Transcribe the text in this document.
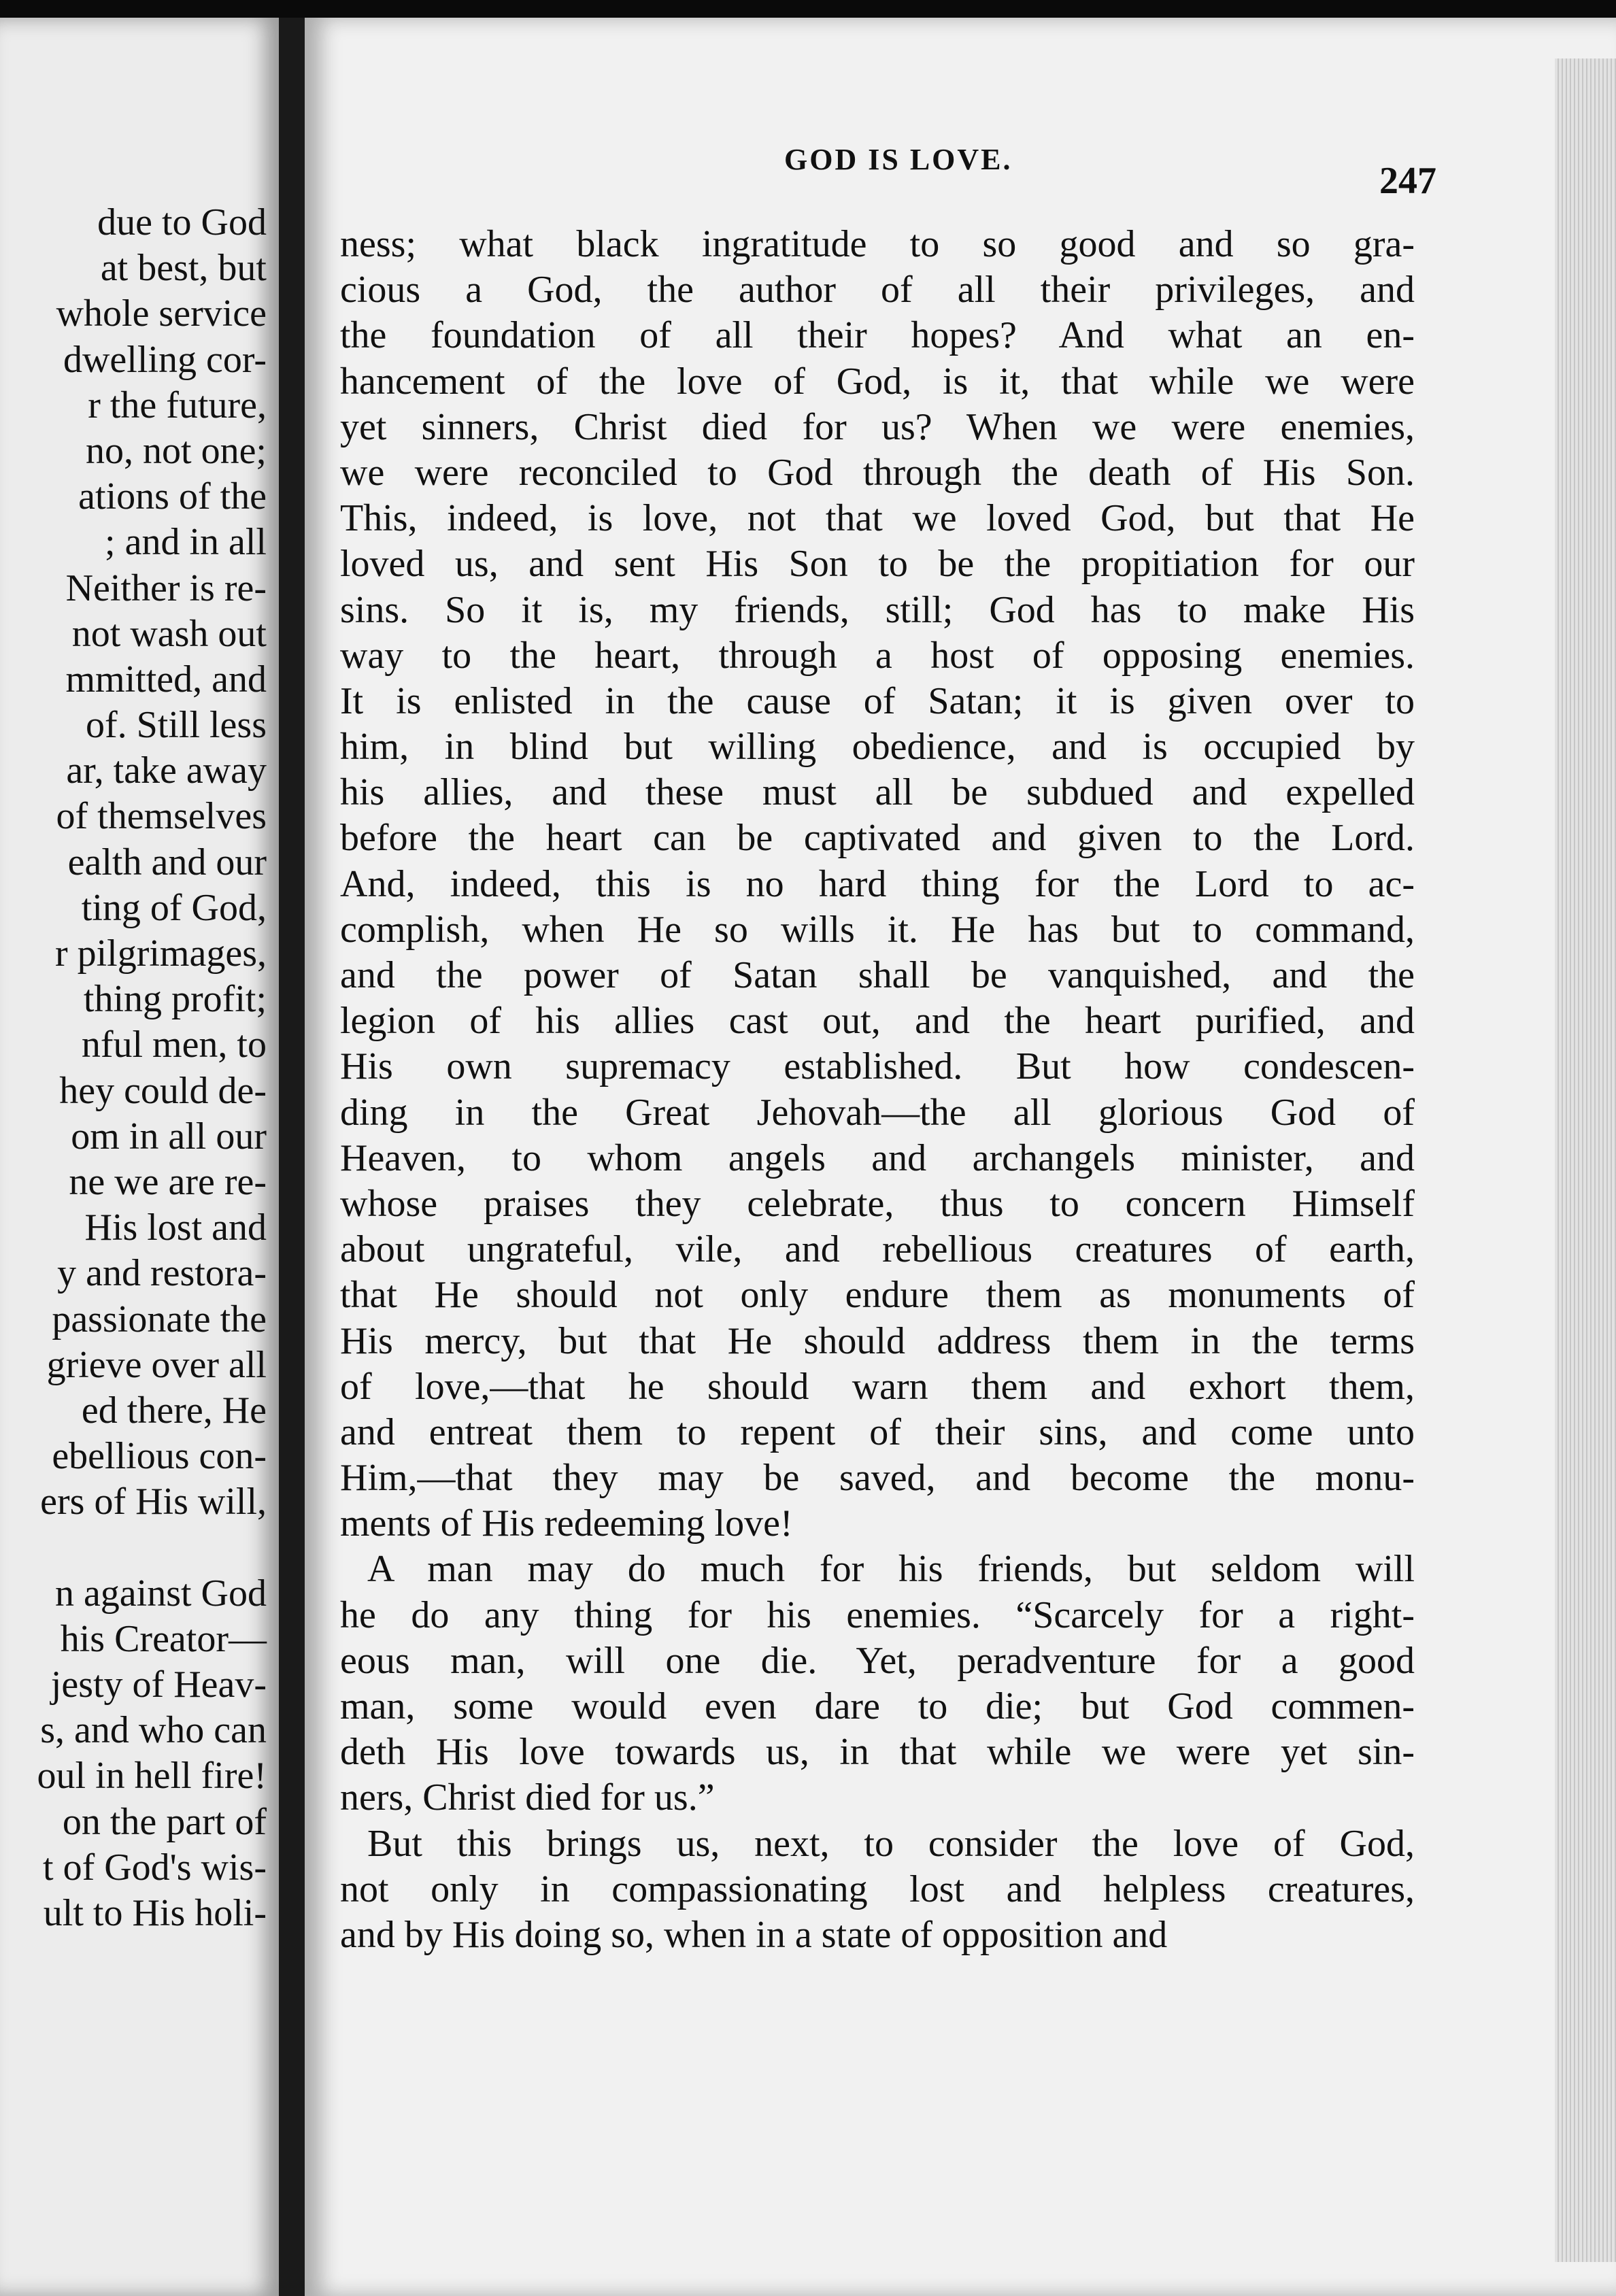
due to God
at best, but
whole service
dwelling cor-
r the future,
no, not one;
ations of the
; and in all
Neither is re-
not wash out
mmitted, and
of. Still less
ar, take away
of themselves
ealth and our
ting of God,
r pilgrimages,
thing profit;
nful men, to
hey could de-
om in all our
ne we are re-
His lost and
y and restora-
passionate the
grieve over all
ed there, He
ebellious con-
ers of His will,
n against God
his Creator—
jesty of Heav-
s, and who can
oul in hell fire!
on the part of
t of God's wis-
ult to His holi-
GOD IS LOVE.
247
ness; what black ingratitude to so good and so gra-
cious a God, the author of all their privileges, and
the foundation of all their hopes? And what an en-
hancement of the love of God, is it, that while we were
yet sinners, Christ died for us? When we were enemies,
we were reconciled to God through the death of His Son.
This, indeed, is love, not that we loved God, but that He
loved us, and sent His Son to be the propitiation for our
sins. So it is, my friends, still; God has to make His
way to the heart, through a host of opposing enemies.
It is enlisted in the cause of Satan; it is given over to
him, in blind but willing obedience, and is occupied by
his allies, and these must all be subdued and expelled
before the heart can be captivated and given to the Lord.
And, indeed, this is no hard thing for the Lord to ac-
complish, when He so wills it. He has but to command,
and the power of Satan shall be vanquished, and the
legion of his allies cast out, and the heart purified, and
His own supremacy established. But how condescen-
ding in the Great Jehovah—the all glorious God of
Heaven, to whom angels and archangels minister, and
whose praises they celebrate, thus to concern Himself
about ungrateful, vile, and rebellious creatures of earth,
that He should not only endure them as monuments of
His mercy, but that He should address them in the terms
of love,—that he should warn them and exhort them,
and entreat them to repent of their sins, and come unto
Him,—that they may be saved, and become the monu-
ments of His redeeming love!
A man may do much for his friends, but seldom will
he do any thing for his enemies. “Scarcely for a right-
eous man, will one die. Yet, peradventure for a good
man, some would even dare to die; but God commen-
deth His love towards us, in that while we were yet sin-
ners, Christ died for us.”
But this brings us, next, to consider the love of God,
not only in compassionating lost and helpless creatures,
and by His doing so, when in a state of opposition and
